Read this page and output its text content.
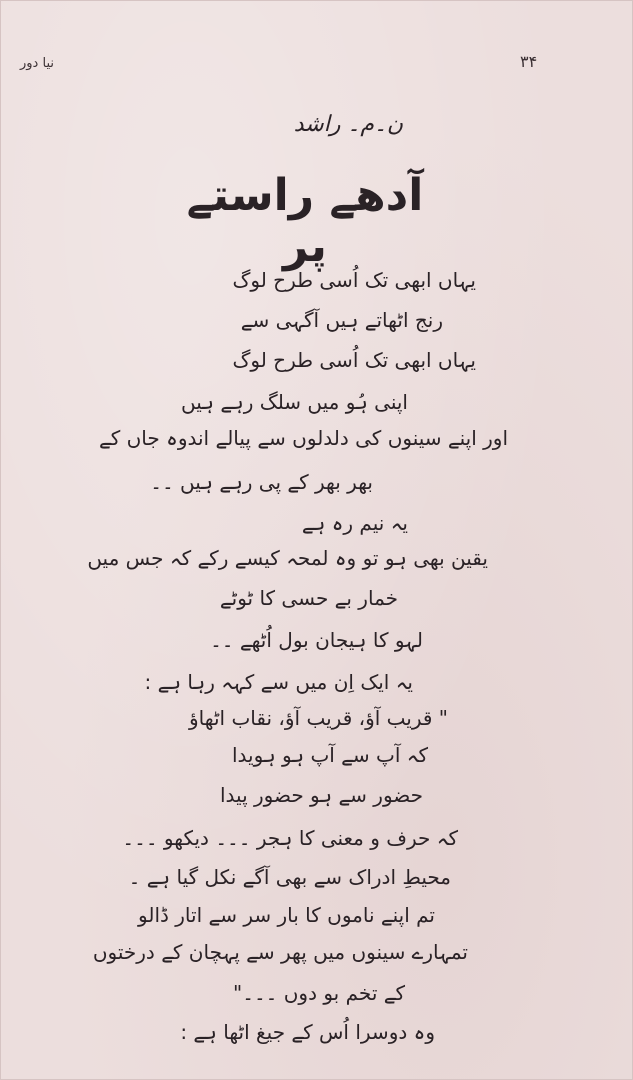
نیا دور	۳۴
ن۔م۔ راشد
آدھے راستے پر
یہاں ابھی تک اُسی طرح لوگ
رنج اٹھاتے ہیں آگہی سے
یہاں ابھی تک اُسی طرح لوگ
اپنی ہُو میں سلگ رہے ہیں
اور اپنے سینوں کی دلدلوں سے پیالے اندوہ جاں کے
بھر بھر کے پی رہے ہیں ۔۔
یہ نیم رہ ہے
یقین بھی ہو تو وہ لمحہ کیسے رکے کہ جس میں
خمار بے حسی کا ٹوٹے
لہو کا ہیجان بول اُٹھے ۔۔
یہ ایک اِن میں سے کہہ رہا ہے :
" قریب آؤ، قریب آؤ، نقاب اٹھاؤ
کہ آپ سے آپ ہو ہویدا
حضور سے ہو حضور پیدا
کہ حرف و معنی کا ہجر ۔۔۔ دیکھو ۔۔۔
محیطِ ادراک سے بھی آگے نکل گیا ہے ۔
تم اپنے ناموں کا بار سر سے اتار ڈالو
تمہارے سینوں میں پھر سے پہچان کے درختوں
کے تخم بو دوں ۔۔۔"
وہ دوسرا اُس کے جیغ اٹھا ہے :
